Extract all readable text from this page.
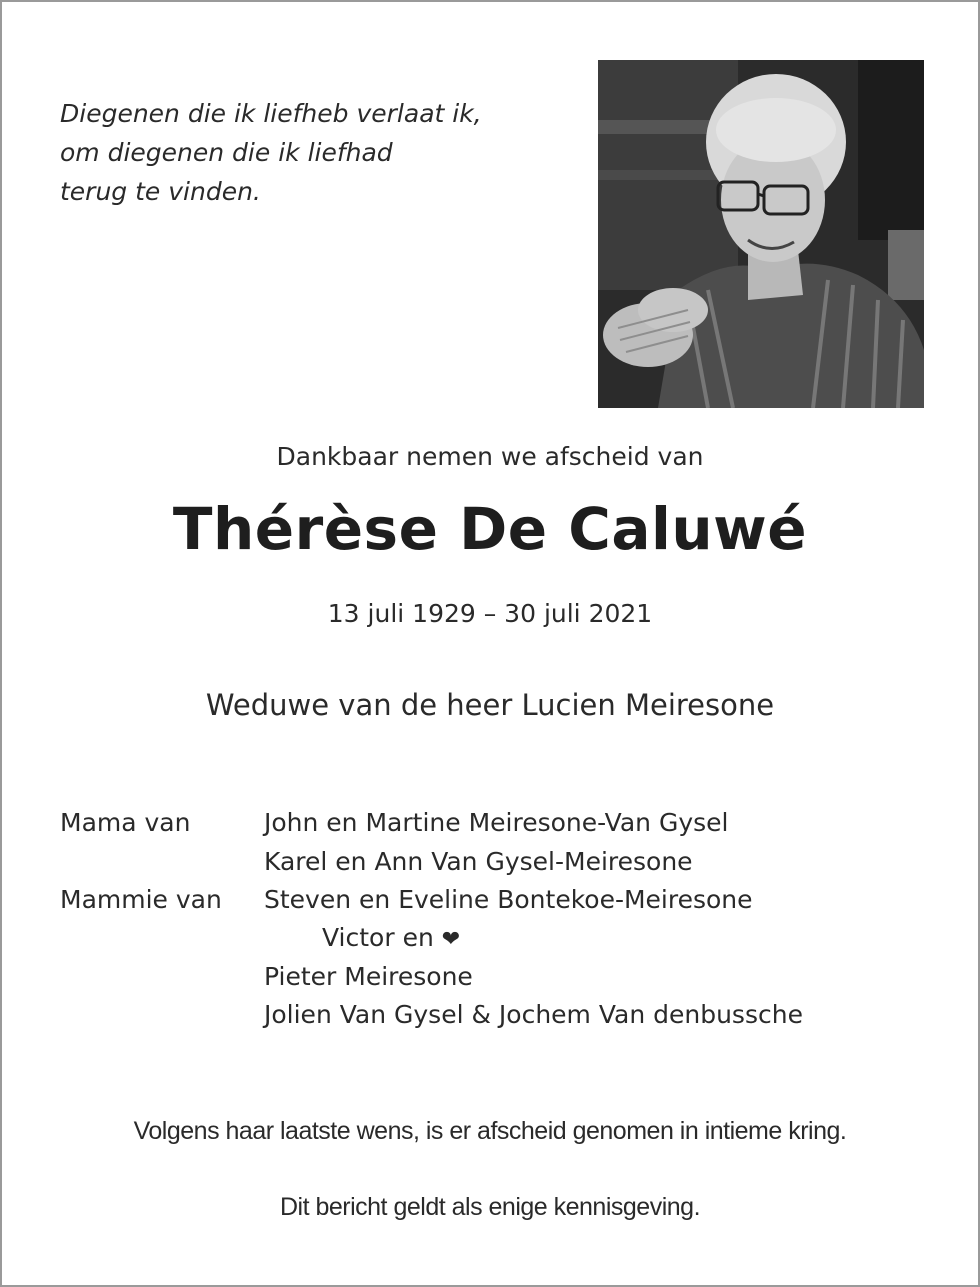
Diegenen die ik liefheb verlaat ik,
om diegenen die ik liefhad
terug te vinden.
Dankbaar nemen we afscheid van
Thérèse De Caluwé
13 juli 1929 – 30 juli 2021
Weduwe van de heer Lucien Meiresone
Mama van	John en Martine Meiresone-Van Gysel
Karel en Ann Van Gysel-Meiresone
Mammie van Steven en Eveline Bontekoe-Meiresone
Victor en ❤
Pieter Meiresone
Jolien Van Gysel & Jochem Van denbussche
Volgens haar laatste wens, is er afscheid genomen in intieme kring.
Dit bericht geldt als enige kennisgeving.
